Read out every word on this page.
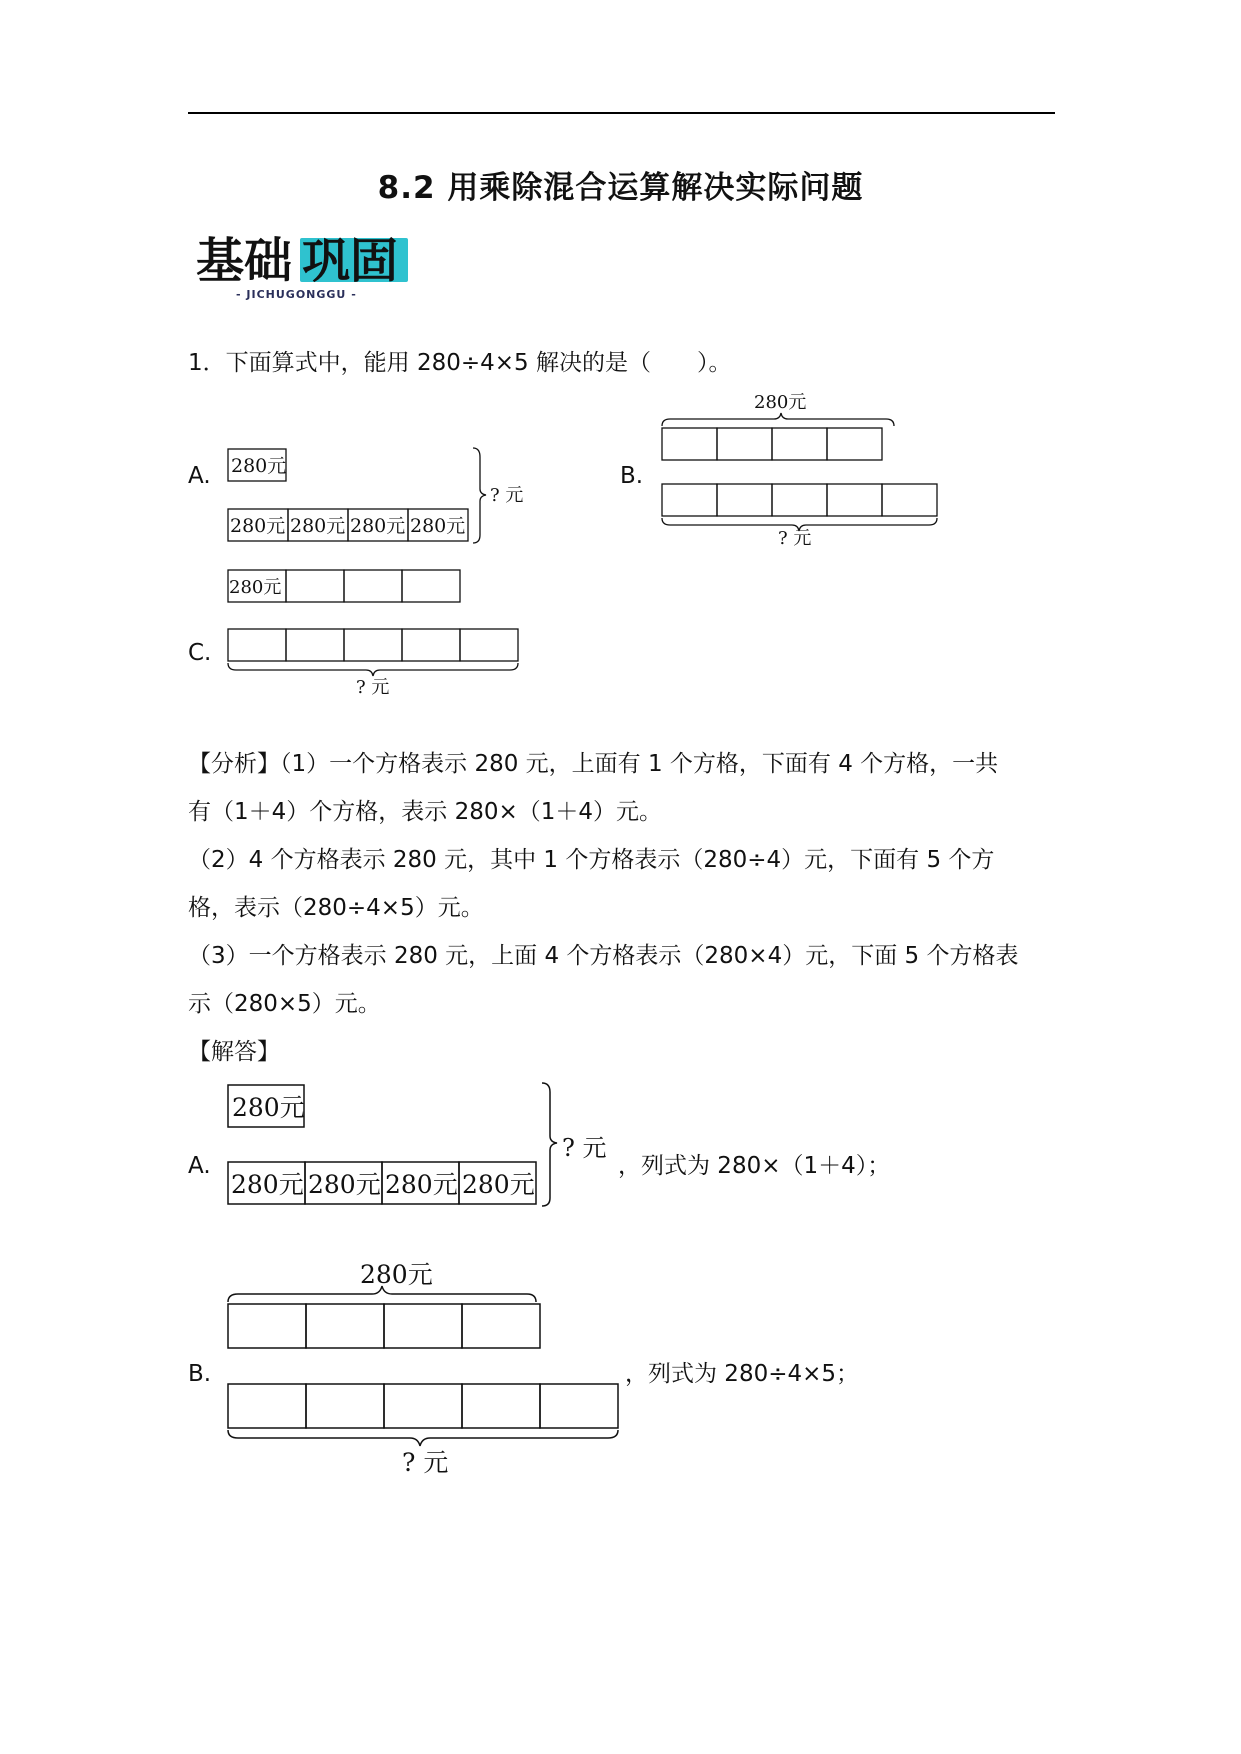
8.2 用乘除混合运算解决实际问题
基础 巩固
- JICHUGONGGU -
1．下面算式中，能用 280÷4×5 解决的是（　　）。
A. 280元
280元 280元 280元 280元
? 元
B.
280元
? 元
C.
280元
? 元
【分析】（1）一个方格表示 280 元，上面有 1 个方格，下面有 4 个方格，一共
有（1＋4）个方格，表示 280×（1＋4）元。
（2）4 个方格表示 280 元，其中 1 个方格表示（280÷4）元，下面有 5 个方
格，表示（280÷4×5）元。
（3）一个方格表示 280 元，上面 4 个方格表示（280×4）元，下面 5 个方格表
示（280×5）元。
【解答】
A.
280元
280元 280元 280元 280元
? 元
，列式为 280×（1＋4）；
B.
280元
? 元
，列式为 280÷4×5；
